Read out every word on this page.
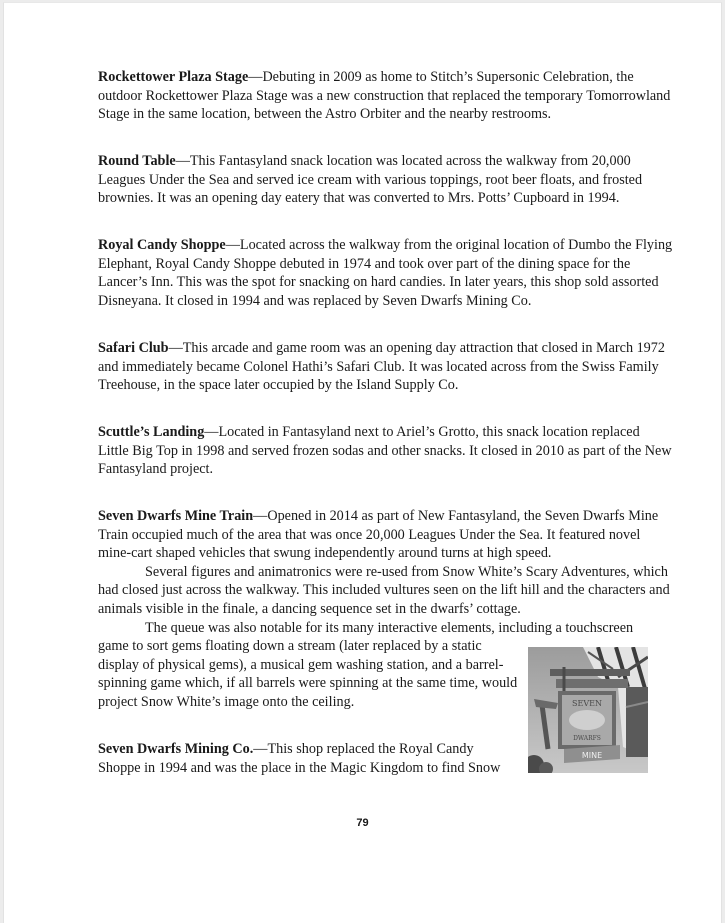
Rockettower Plaza Stage—Debuting in 2009 as home to Stitch’s Supersonic Celebration, the outdoor Rockettower Plaza Stage was a new construction that replaced the temporary Tomorrowland Stage in the same location, between the Astro Orbiter and the nearby restrooms.

Round Table—This Fantasyland snack location was located across the walkway from 20,000 Leagues Under the Sea and served ice cream with various toppings, root beer floats, and frosted brownies. It was an opening day eatery that was converted to Mrs. Potts’ Cupboard in 1994.

Royal Candy Shoppe—Located across the walkway from the original location of Dumbo the Flying Elephant, Royal Candy Shoppe debuted in 1974 and took over part of the dining space for the Lancer’s Inn. This was the spot for snacking on hard candies. In later years, this shop sold assorted Disneyana. It closed in 1994 and was replaced by Seven Dwarfs Mining Co.

Safari Club—This arcade and game room was an opening day attraction that closed in March 1972 and immediately became Colonel Hathi’s Safari Club. It was located across from the Swiss Family Treehouse, in the space later occupied by the Island Supply Co.

Scuttle’s Landing—Located in Fantasyland next to Ariel’s Grotto, this snack location replaced Little Big Top in 1998 and served frozen sodas and other snacks. It closed in 2010 as part of the New Fantasyland project.

Seven Dwarfs Mine Train—Opened in 2014 as part of New Fantasyland, the Seven Dwarfs Mine Train occupied much of the area that was once 20,000 Leagues Under the Sea. It featured novel mine-cart shaped vehicles that swung independently around turns at high speed.

Several figures and animatronics were re-used from Snow White’s Scary Adventures, which had closed just across the walkway. This included vultures seen on the lift hill and the characters and animals visible in the finale, a dancing sequence set in the dwarfs’ cottage.

The queue was also notable for its many interactive elements, including a touchscreen

game to sort gems floating down a stream (later replaced by a static display of physical gems), a musical gem washing station, and a barrel-spinning game which, if all barrels were spinning at the same time, would project Snow White’s image onto the ceiling.

Seven Dwarfs Mining Co.—This shop replaced the Royal Candy Shoppe in 1994 and was the place in the Magic Kingdom to find Snow

SEVEN
DWARFS
MINE
79
